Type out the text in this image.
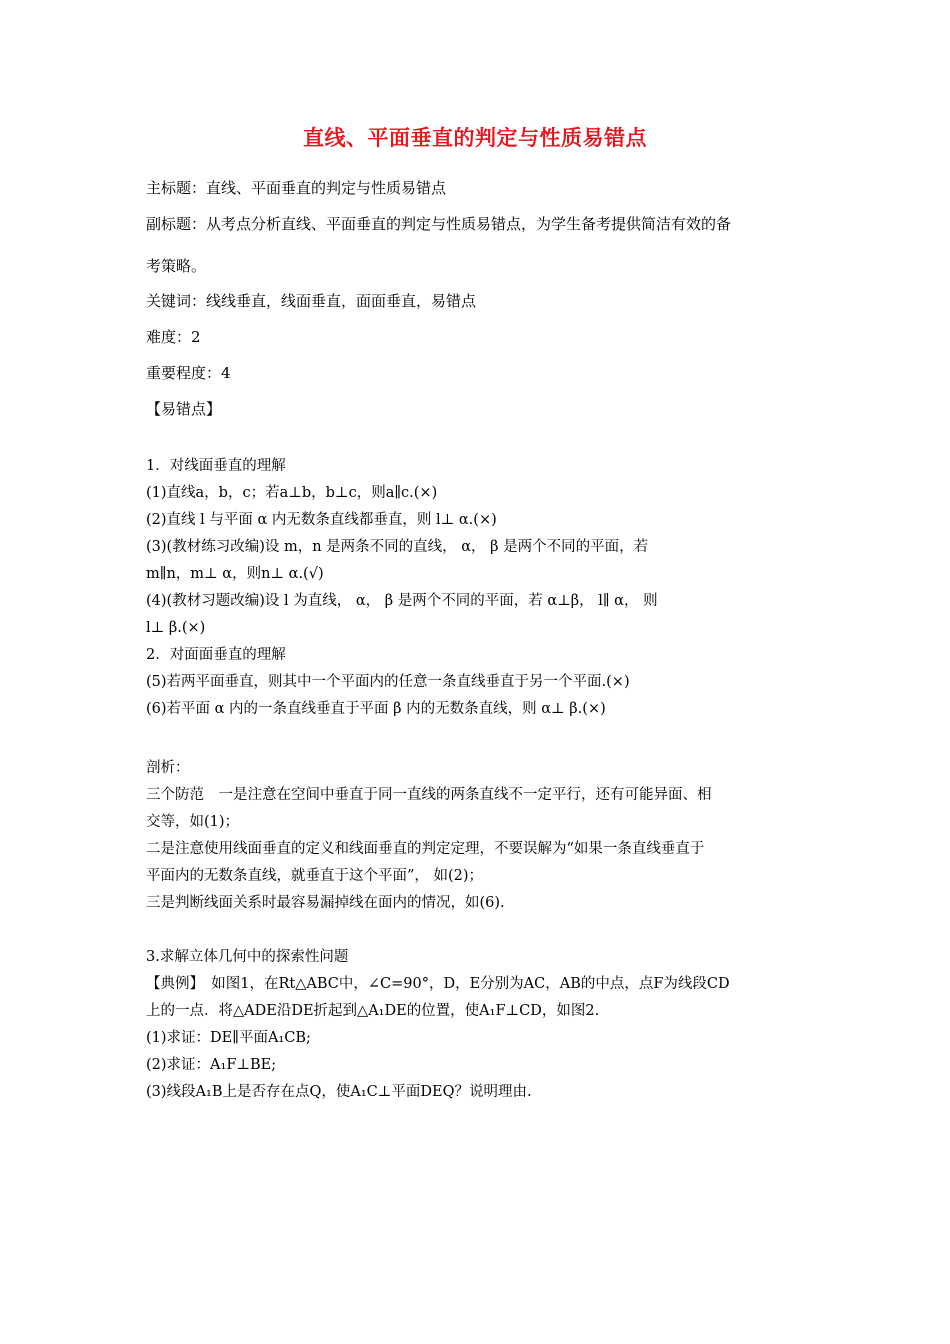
直线、平面垂直的判定与性质易错点
主标题：直线、平面垂直的判定与性质易错点
副标题：从考点分析直线、平面垂直的判定与性质易错点，为学生备考提供简洁有效的备
考策略。
关键词：线线垂直，线面垂直，面面垂直，易错点
难度：2
重要程度：4
【易错点】
1．对线面垂直的理解
(1)直线a，b，c；若a⊥b，b⊥c，则a∥c.(×)
(2)直线 l 与平面 α 内无数条直线都垂直，则 l⊥ α.(×)
(3)(教材练习改编)设 m，n 是两条不同的直线， α， β 是两个不同的平面，若
m∥n，m⊥ α，则n⊥ α.(√)
(4)(教材习题改编)设 l 为直线， α， β 是两个不同的平面，若 α⊥β， l∥ α， 则
l⊥ β.(×)
2．对面面垂直的理解
(5)若两平面垂直，则其中一个平面内的任意一条直线垂直于另一个平面.(×)
(6)若平面 α 内的一条直线垂直于平面 β 内的无数条直线，则 α⊥ β.(×)
剖析：
三个防范　一是注意在空间中垂直于同一直线的两条直线不一定平行，还有可能异面、相
交等，如(1)；
二是注意使用线面垂直的定义和线面垂直的判定定理，不要误解为“如果一条直线垂直于
平面内的无数条直线，就垂直于这个平面”， 如(2)；
三是判断线面关系时最容易漏掉线在面内的情况，如(6).
3.求解立体几何中的探索性问题
【典例】　如图1，在Rt△ABC中，∠C=90°，D，E分别为AC，AB的中点，点F为线段CD
上的一点．将△ADE沿DE折起到△A₁DE的位置，使A₁F⊥CD，如图2.
(1)求证：DE∥平面A₁CB;
(2)求证：A₁F⊥BE;
(3)线段A₁B上是否存在点Q，使A₁C⊥平面DEQ？说明理由.
